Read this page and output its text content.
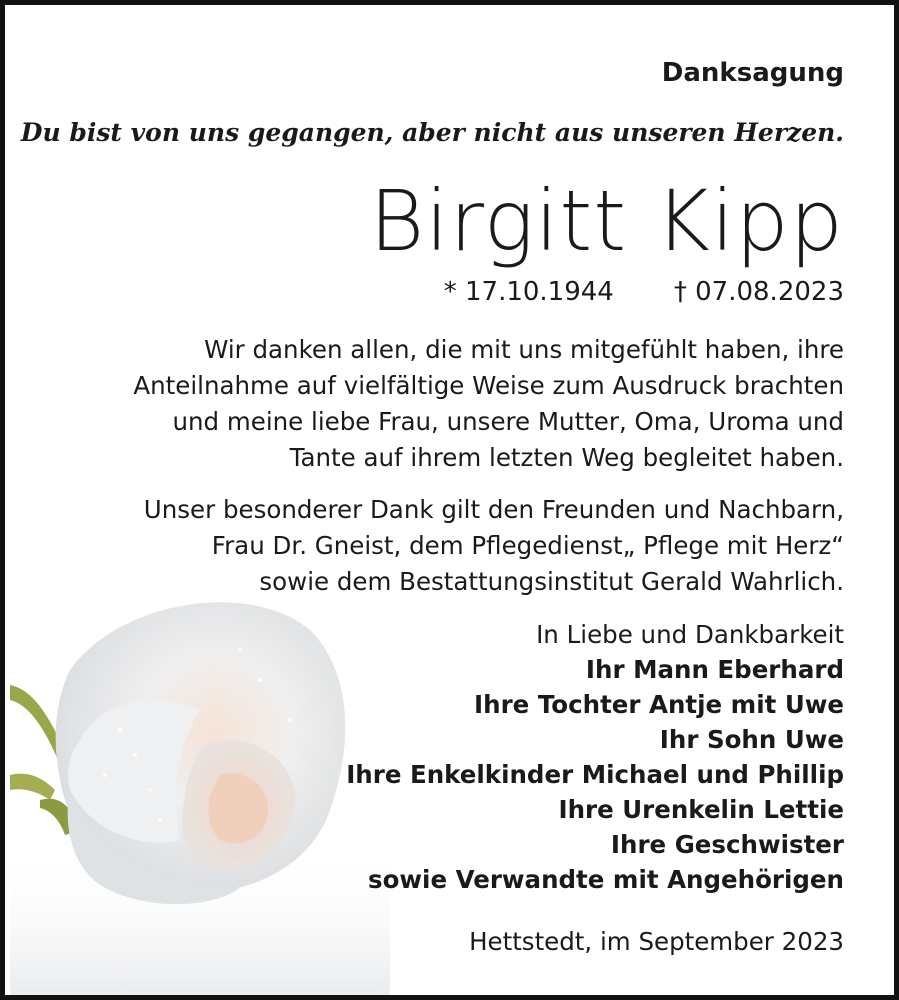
Danksagung
Du bist von uns gegangen, aber nicht aus unseren Herzen.
Birgitt Kipp
* 17.10.1944 † 07.08.2023
Wir danken allen, die mit uns mitgefühlt haben, ihre
Anteilnahme auf vielfältige Weise zum Ausdruck brachten
und meine liebe Frau, unsere Mutter, Oma, Uroma und
Tante auf ihrem letzten Weg begleitet haben.
Unser besonderer Dank gilt den Freunden und Nachbarn,
Frau Dr. Gneist, dem Pflegedienst„ Pflege mit Herz“
sowie dem Bestattungsinstitut Gerald Wahrlich.
In Liebe und Dankbarkeit
Ihr Mann Eberhard
Ihre Tochter Antje mit Uwe
Ihr Sohn Uwe
Ihre Enkelkinder Michael und Phillip
Ihre Urenkelin Lettie
Ihre Geschwister
sowie Verwandte mit Angehörigen
Hettstedt, im September 2023
